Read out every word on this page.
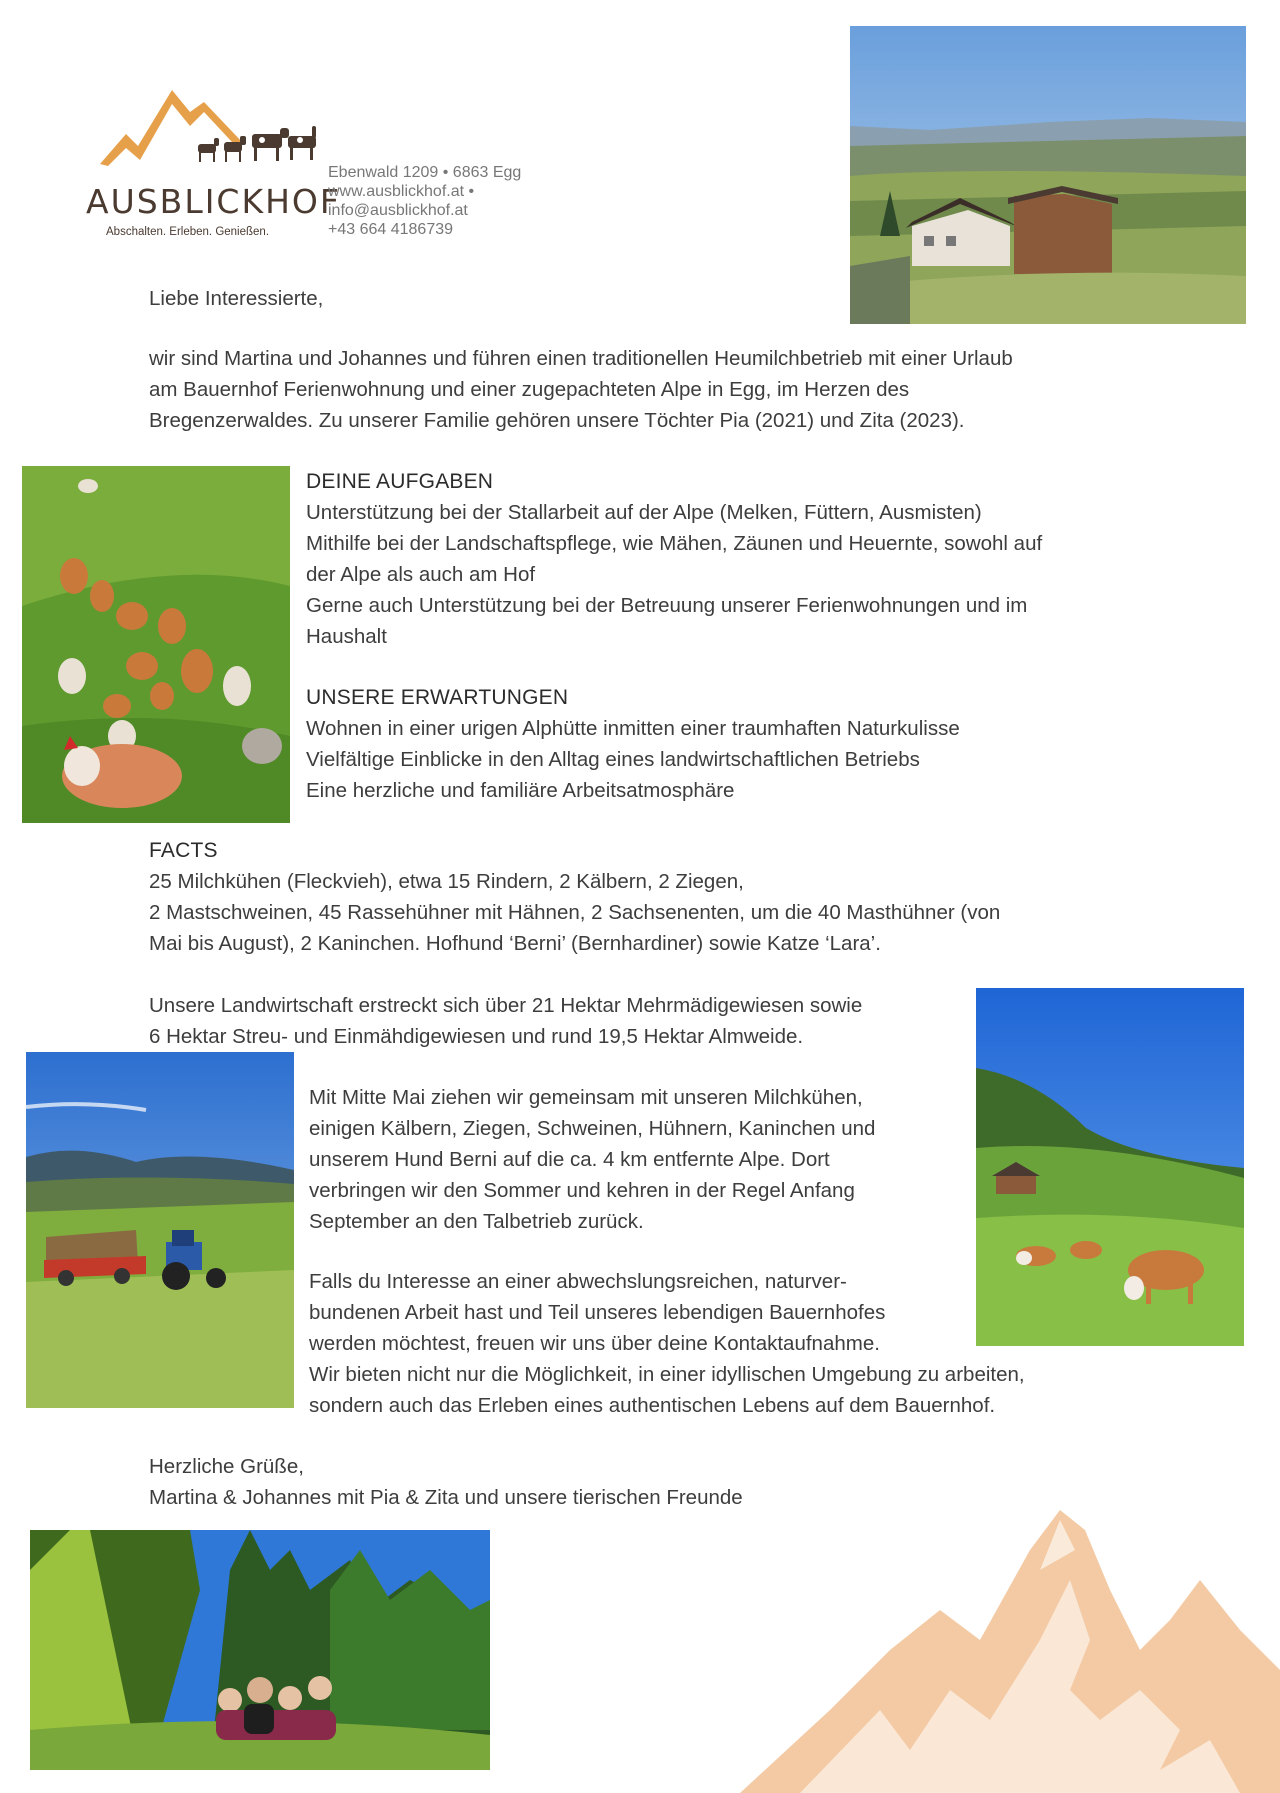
AUSBLICKHOF
Abschalten. Erleben. Genießen.
Ebenwald 1209 • 6863 Egg
www.ausblickhof.at •
info@ausblickhof.at
+43 664 4186739
Liebe Interessierte,
wir sind Martina und Johannes und führen einen traditionellen Heumilchbetrieb mit einer Urlaub
am Bauernhof Ferienwohnung und einer zugepachteten Alpe in Egg, im Herzen des
Bregenzerwaldes. Zu unserer Familie gehören unsere Töchter Pia (2021) und Zita (2023).
DEINE AUFGABEN
Unterstützung bei der Stallarbeit auf der Alpe (Melken, Füttern, Ausmisten)
Mithilfe bei der Landschaftspflege, wie Mähen, Zäunen und Heuernte, sowohl auf
der Alpe als auch am Hof
Gerne auch Unterstützung bei der Betreuung unserer Ferienwohnungen und im
Haushalt
UNSERE ERWARTUNGEN
Wohnen in einer urigen Alphütte inmitten einer traumhaften Naturkulisse
Vielfältige Einblicke in den Alltag eines landwirtschaftlichen Betriebs
Eine herzliche und familiäre Arbeitsatmosphäre
FACTS
25 Milchkühen (Fleckvieh), etwa 15 Rindern, 2 Kälbern, 2 Ziegen,
2 Mastschweinen, 45 Rassehühner mit Hähnen, 2 Sachsenenten, um die 40 Masthühner (von
Mai bis August), 2 Kaninchen. Hofhund ‘Berni’ (Bernhardiner) sowie Katze ‘Lara’.
Unsere Landwirtschaft erstreckt sich über 21 Hektar Mehrmädigewiesen sowie
6 Hektar Streu- und Einmähdigewiesen und rund 19,5 Hektar Almweide.
Mit Mitte Mai ziehen wir gemeinsam mit unseren Milchkühen,
einigen Kälbern, Ziegen, Schweinen, Hühnern, Kaninchen und
unserem Hund Berni auf die ca. 4 km entfernte Alpe. Dort
verbringen wir den Sommer und kehren in der Regel Anfang
September an den Talbetrieb zurück.
Falls du Interesse an einer abwechslungsreichen, naturver-
bundenen Arbeit hast und Teil unseres lebendigen Bauernhofes
werden möchtest, freuen wir uns über deine Kontaktaufnahme.
Wir bieten nicht nur die Möglichkeit, in einer idyllischen Umgebung zu arbeiten,
sondern auch das Erleben eines authentischen Lebens auf dem Bauernhof.
Herzliche Grüße,
Martina & Johannes mit Pia & Zita und unsere tierischen Freunde
